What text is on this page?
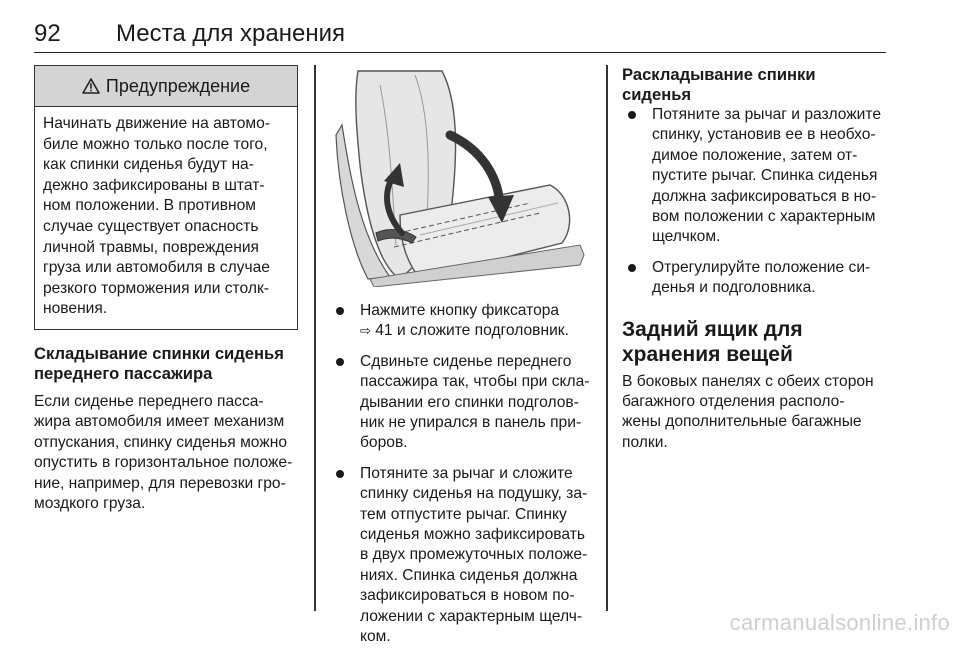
92 Места для хранения
Предупреждение
Начинать движение на автомо-
биле можно только после того,
как спинки сиденья будут на-
дежно зафиксированы в штат-
ном положении. В противном
случае существует опасность
личной травмы, повреждения
груза или автомобиля в случае
резкого торможения или столк-
новения.
Складывание спинки сиденья
переднего пассажира

Если сиденье переднего пасса-
жира автомобиля имеет механизм
отпускания, спинку сиденья можно
опустить в горизонтальное положе-
ние, например, для перевозки гро-
моздкого груза.

Нажмите кнопку фиксатора
⇨ 41 и сложите подголовник.
Сдвиньте сиденье переднего
пассажира так, чтобы при скла-
дывании его спинки подголов-
ник не упирался в панель при-
боров.
Потяните за рычаг и сложите
спинку сиденья на подушку, за-
тем отпустите рычаг. Спинку
сиденья можно зафиксировать
в двух промежуточных положе-
ниях. Спинка сиденья должна
зафиксироваться в новом по-
ложении с характерным щелч-
ком.
Раскладывание спинки сиденья
Потяните за рычаг и разложите
спинку, установив ее в необхо-
димое положение, затем от-
пустите рычаг. Спинка сиденья
должна зафиксироваться в но-
вом положении с характерным
щелчком.
Отрегулируйте положение си-
денья и подголовника.
Задний ящик для
хранения вещей

В боковых панелях с обеих сторон
багажного отделения располо-
жены дополнительные багажные
полки.

carmanualsonline.info
